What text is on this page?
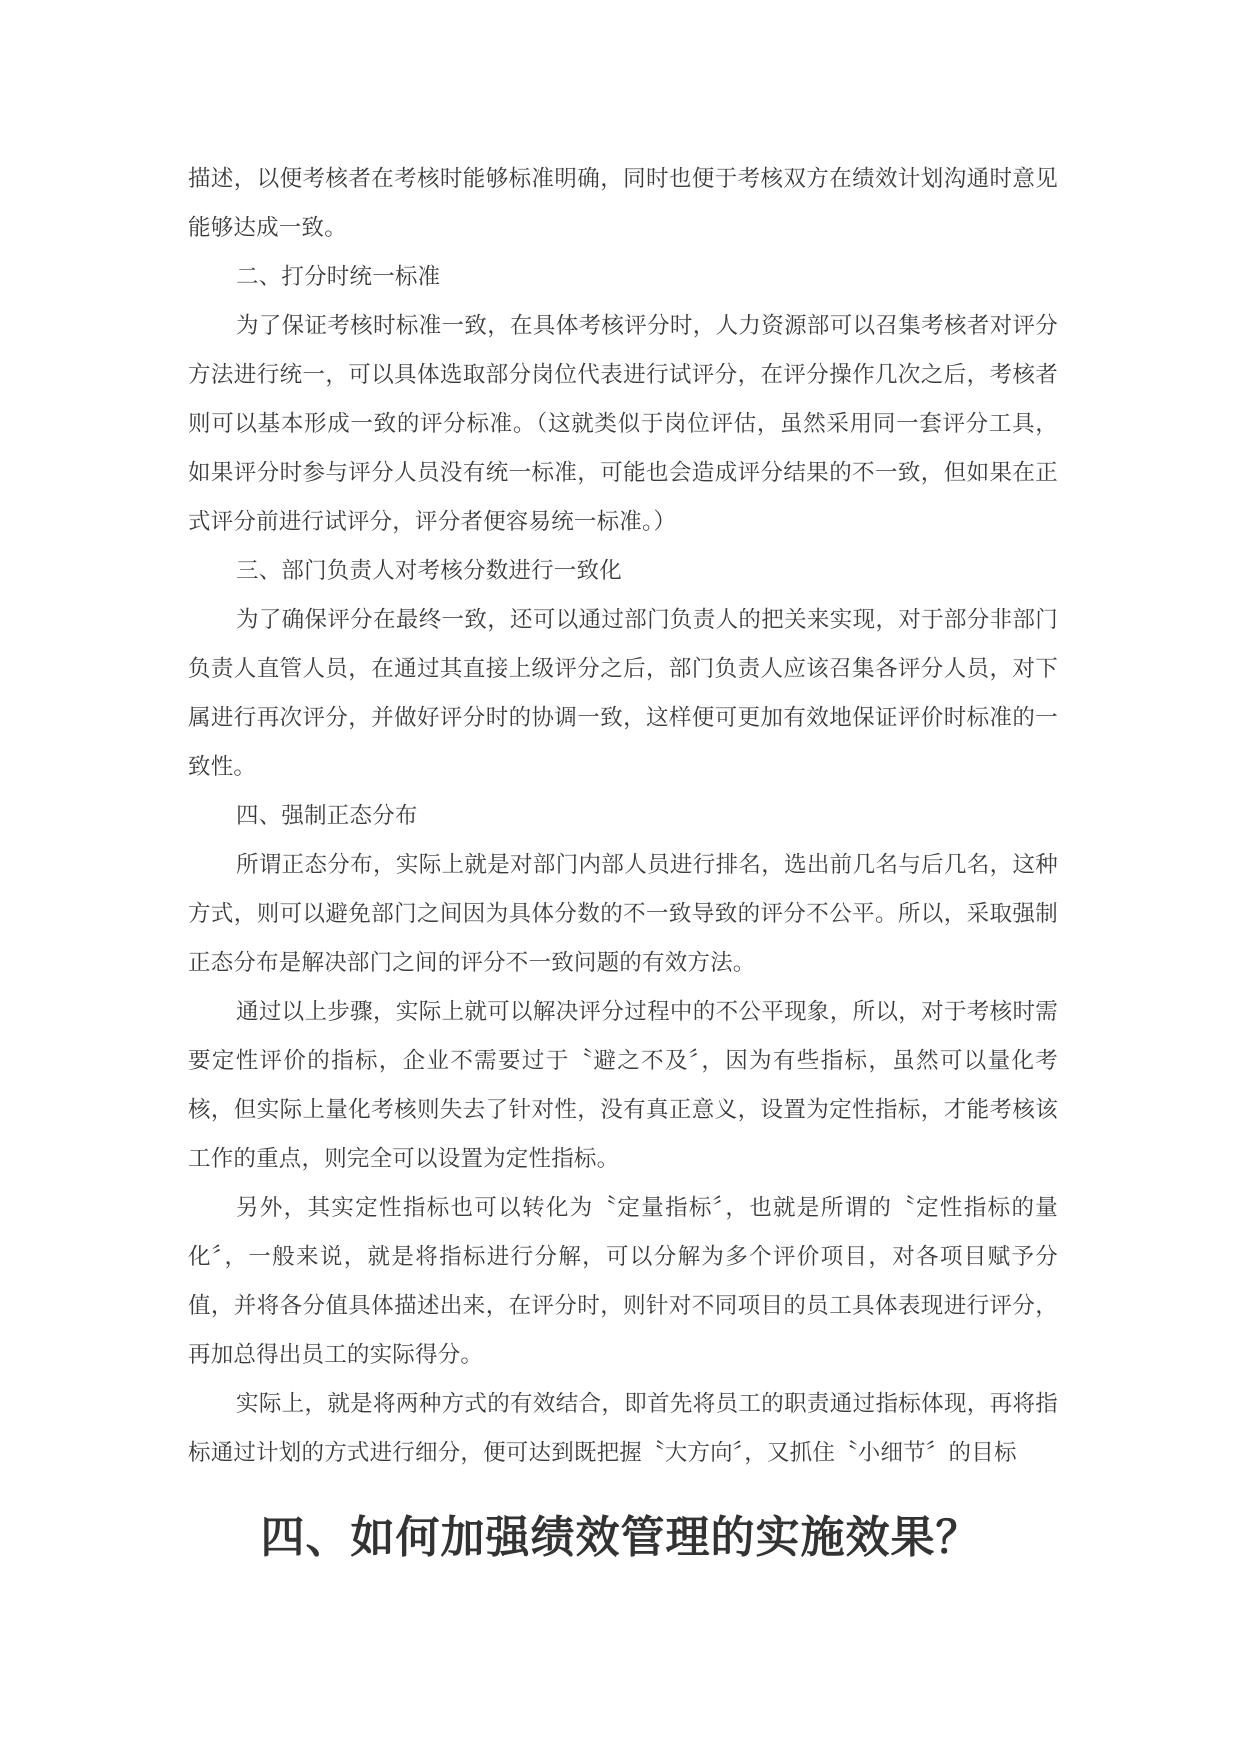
描述，以便考核者在考核时能够标准明确，同时也便于考核双方在绩效计划沟通时意见能够达成一致。

二、打分时统一标准

为了保证考核时标准一致，在具体考核评分时，人力资源部可以召集考核者对评分方法进行统一，可以具体选取部分岗位代表进行试评分，在评分操作几次之后，考核者则可以基本形成一致的评分标准。（这就类似于岗位评估，虽然采用同一套评分工具，如果评分时参与评分人员没有统一标准，可能也会造成评分结果的不一致，但如果在正式评分前进行试评分，评分者便容易统一标准。）

三、部门负责人对考核分数进行一致化

为了确保评分在最终一致，还可以通过部门负责人的把关来实现，对于部分非部门负责人直管人员，在通过其直接上级评分之后，部门负责人应该召集各评分人员，对下属进行再次评分，并做好评分时的协调一致，这样便可更加有效地保证评价时标准的一致性。

四、强制正态分布

所谓正态分布，实际上就是对部门内部人员进行排名，选出前几名与后几名，这种方式，则可以避免部门之间因为具体分数的不一致导致的评分不公平。所以，采取强制正态分布是解决部门之间的评分不一致问题的有效方法。

通过以上步骤，实际上就可以解决评分过程中的不公平现象，所以，对于考核时需要定性评价的指标，企业不需要过于〝避之不及〞，因为有些指标，虽然可以量化考核，但实际上量化考核则失去了针对性，没有真正意义，设置为定性指标，才能考核该工作的重点，则完全可以设置为定性指标。

另外，其实定性指标也可以转化为〝定量指标〞，也就是所谓的〝定性指标的量化〞，一般来说，就是将指标进行分解，可以分解为多个评价项目，对各项目赋予分值，并将各分值具体描述出来，在评分时，则针对不同项目的员工具体表现进行评分，再加总得出员工的实际得分。

实际上，就是将两种方式的有效结合，即首先将员工的职责通过指标体现，再将指标通过计划的方式进行细分，便可达到既把握〝大方向〞，又抓住〝小细节〞的目标

四、如何加强绩效管理的实施效果？
